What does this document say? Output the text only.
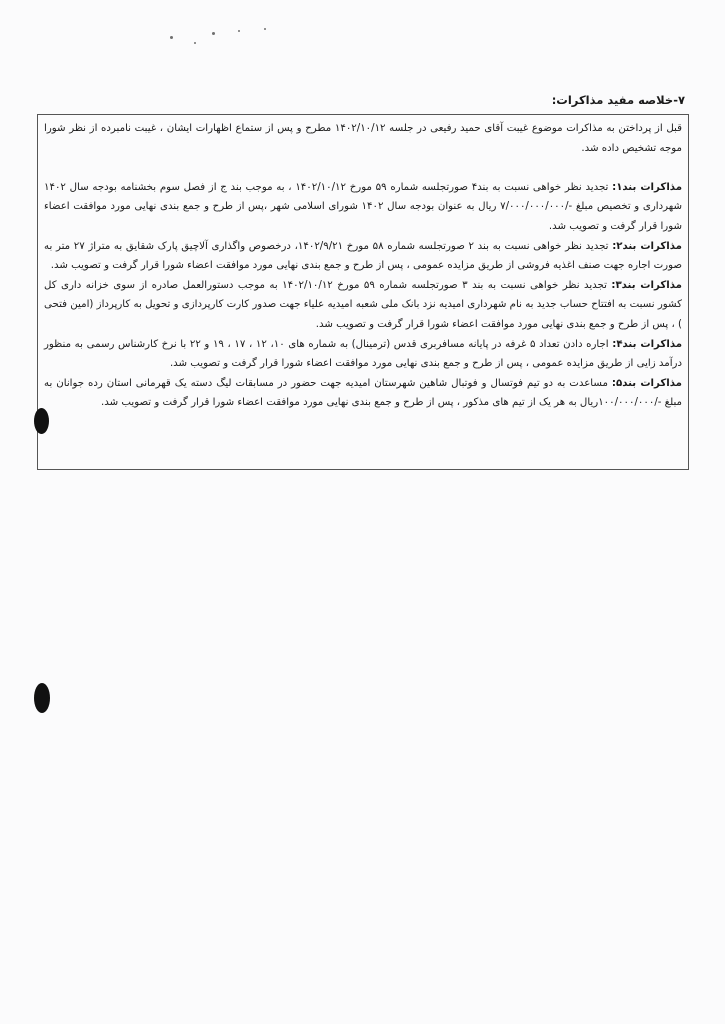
۷-خلاصه مفید مذاکرات:

قبل از پرداختن به مذاکرات موضوع غیبت آقای حمید رفیعی در جلسه ۱۴۰۲/۱۰/۱۲ مطرح و پس از ستماع اظهارات ایشان ، غیبت نامبرده از نظر شورا موجه تشخیص داده شد.

مذاکرات بند۱: تجدید نظر خواهی نسبت به بند۴ صورتجلسه شماره ۵۹ مورخ ۱۴۰۲/۱۰/۱۲ ، به موجب بند ج از فصل سوم بخشنامه بودجه سال ۱۴۰۲ شهرداری و تخصیص مبلغ -/۷/۰۰۰/۰۰۰/۰۰۰ ریال به عنوان بودجه سال ۱۴۰۲ شورای اسلامی شهر ،پس از طرح و جمع بندی نهایی مورد موافقت اعضاء شورا قرار گرفت و تصویب شد.

مذاکرات بند۲: تجدید نظر خواهی نسبت به بند ۲ صورتجلسه شماره ۵۸ مورخ ۱۴۰۲/۹/۲۱، درخصوص واگذاری آلاچیق پارک شقایق به متراژ ۲۷ متر به صورت اجاره جهت صنف اغذیه فروشی از طریق مزایده عمومی ، پس از طرح و جمع بندی نهایی مورد موافقت اعضاء شورا قرار گرفت و تصویب شد.

مذاکرات بند۳: تجدید نظر خواهی نسبت به بند ۳ صورتجلسه شماره ۵۹ مورخ ۱۴۰۲/۱۰/۱۲ به موجب دستورالعمل صادره از سوی خزانه داری کل کشور نسبت به افتتاح حساب جدید به نام شهرداری امیدیه نزد بانک ملی شعبه امیدیه علیاء جهت صدور کارت کارپردازی و تحویل به کارپرداز (امین فتحی ) ، پس از طرح و جمع بندی نهایی مورد موافقت اعضاء شورا قرار گرفت و تصویب شد.

مذاکرات بند۴: اجاره دادن تعداد ۵ غرفه در پایانه مسافربری قدس (ترمینال) به شماره های ۱۰، ۱۲ ، ۱۷ ، ۱۹ و ۲۲ با نرخ کارشناس رسمی به منظور درآمد زایی از طریق مزایده عمومی ، پس از طرح و جمع بندی نهایی مورد موافقت اعضاء شورا قرار گرفت و تصویب شد.

مذاکرات بند۵: مساعدت به دو تیم فوتسال و فوتبال شاهین شهرستان امیدیه جهت حضور در مسابقات لیگ دسته یک قهرمانی استان رده جوانان به مبلغ -/۱۰۰/۰۰۰/۰۰۰ریال به هر یک از تیم های مذکور ، پس از طرح و جمع بندی نهایی مورد موافقت اعضاء شورا قرار گرفت و تصویب شد.
